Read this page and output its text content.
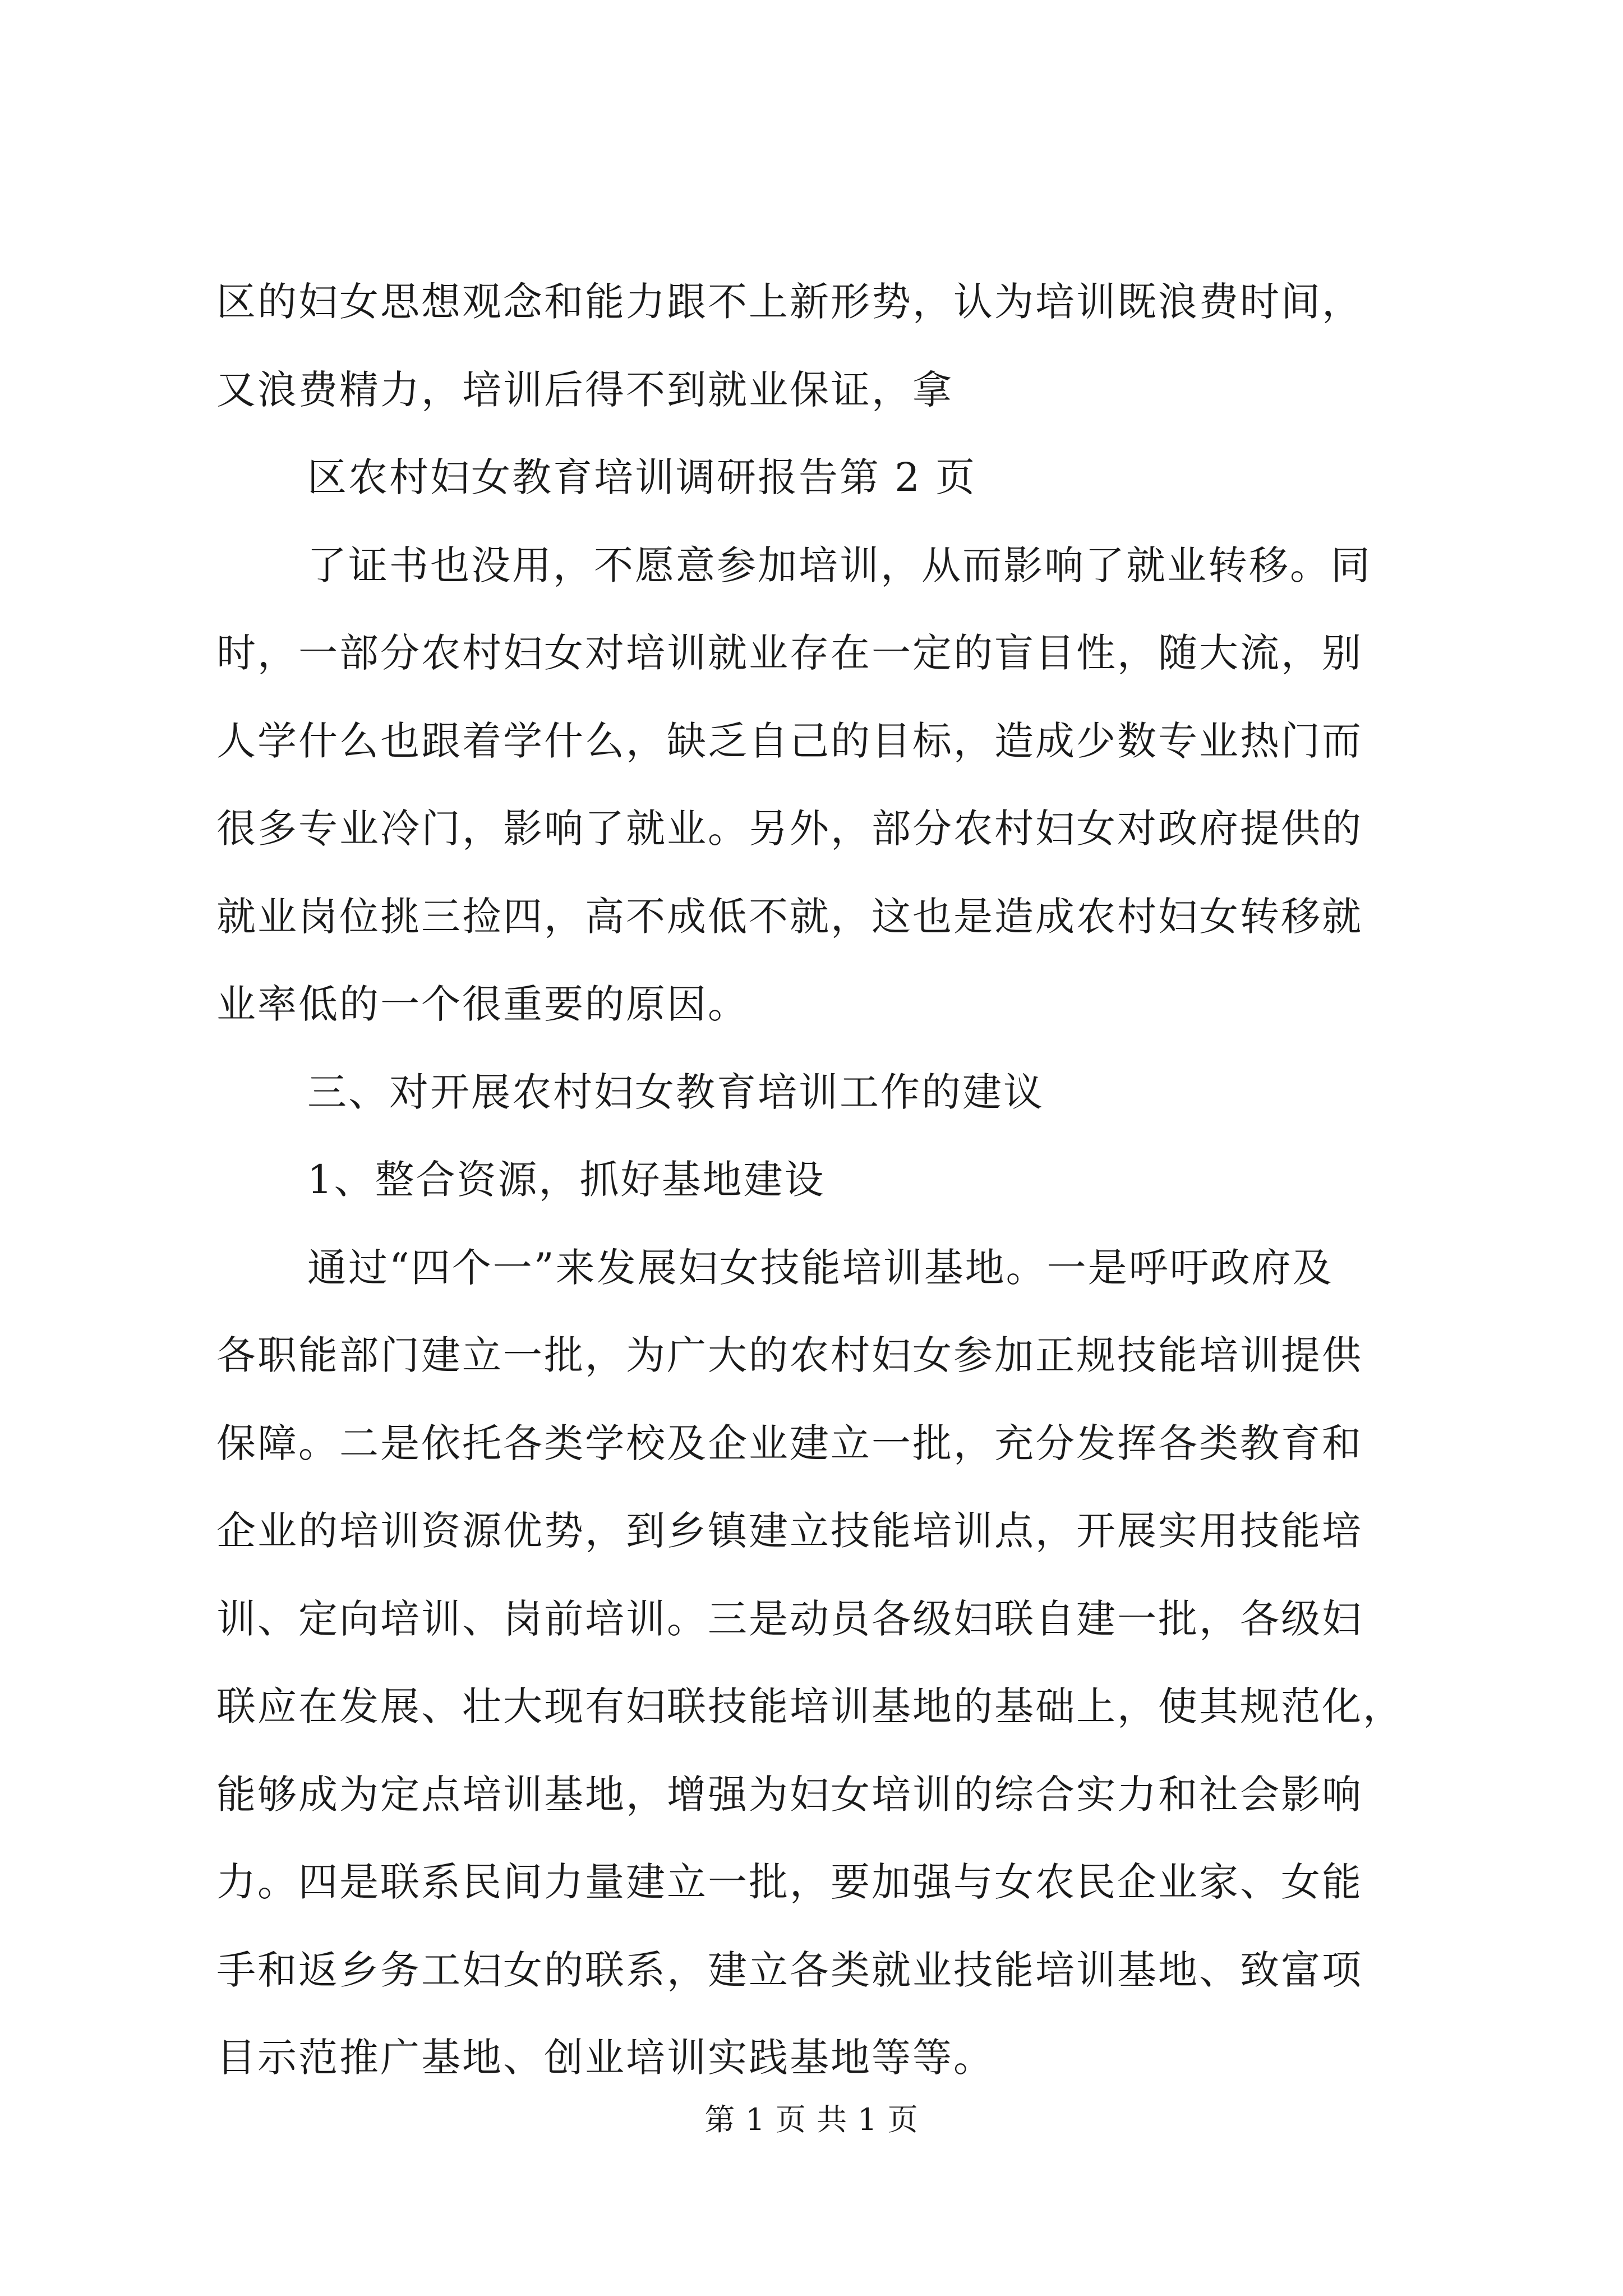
区的妇女思想观念和能力跟不上新形势，认为培训既浪费时间，
又浪费精力，培训后得不到就业保证，拿
区农村妇女教育培训调研报告第 2 页
了证书也没用，不愿意参加培训，从而影响了就业转移。同
时，一部分农村妇女对培训就业存在一定的盲目性，随大流，别
人学什么也跟着学什么，缺乏自己的目标，造成少数专业热门而
很多专业冷门，影响了就业。另外，部分农村妇女对政府提供的
就业岗位挑三捡四，高不成低不就，这也是造成农村妇女转移就
业率低的一个很重要的原因。
三、对开展农村妇女教育培训工作的建议
1、整合资源，抓好基地建设
通过“四个一”来发展妇女技能培训基地。一是呼吁政府及
各职能部门建立一批，为广大的农村妇女参加正规技能培训提供
保障。二是依托各类学校及企业建立一批，充分发挥各类教育和
企业的培训资源优势，到乡镇建立技能培训点，开展实用技能培
训、定向培训、岗前培训。三是动员各级妇联自建一批，各级妇
联应在发展、壮大现有妇联技能培训基地的基础上，使其规范化，
能够成为定点培训基地，增强为妇女培训的综合实力和社会影响
力。四是联系民间力量建立一批，要加强与女农民企业家、女能
手和返乡务工妇女的联系，建立各类就业技能培训基地、致富项
目示范推广基地、创业培训实践基地等等。
第 1 页 共 1 页
